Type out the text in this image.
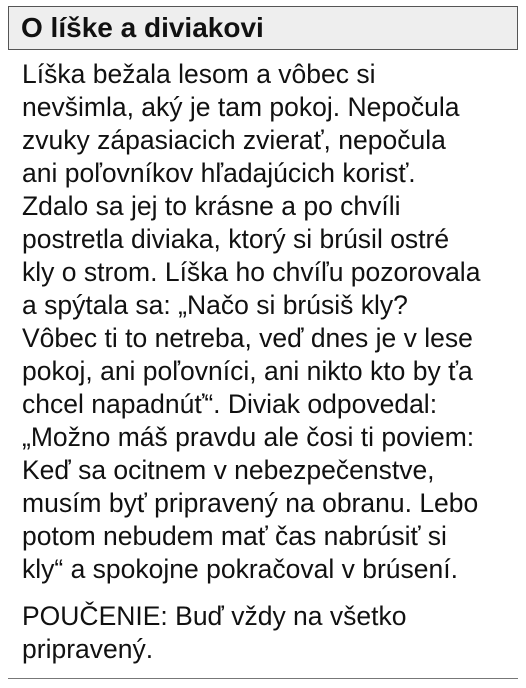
O líške a diviakovi
Líška bežala lesom a vôbec si
nevšimla, aký je tam pokoj. Nepočula
zvuky zápasiacich zvierať, nepočula
ani poľovníkov hľadajúcich korisť.
Zdalo sa jej to krásne a po chvíli
postretla diviaka, ktorý si brúsil ostré
kly o strom. Líška ho chvíľu pozorovala
a spýtala sa: „Načo si brúsiš kly?
Vôbec ti to netreba, veď dnes je v lese
pokoj, ani poľovníci, ani nikto kto by ťa
chcel napadnúť“. Diviak odpovedal:
„Možno máš pravdu ale čosi ti poviem:
Keď sa ocitnem v nebezpečenstve,
musím byť pripravený na obranu. Lebo
potom nebudem mať čas nabrúsiť si
kly“ a spokojne pokračoval v brúsení.
POUČENIE: Buď vždy na všetko
pripravený.
